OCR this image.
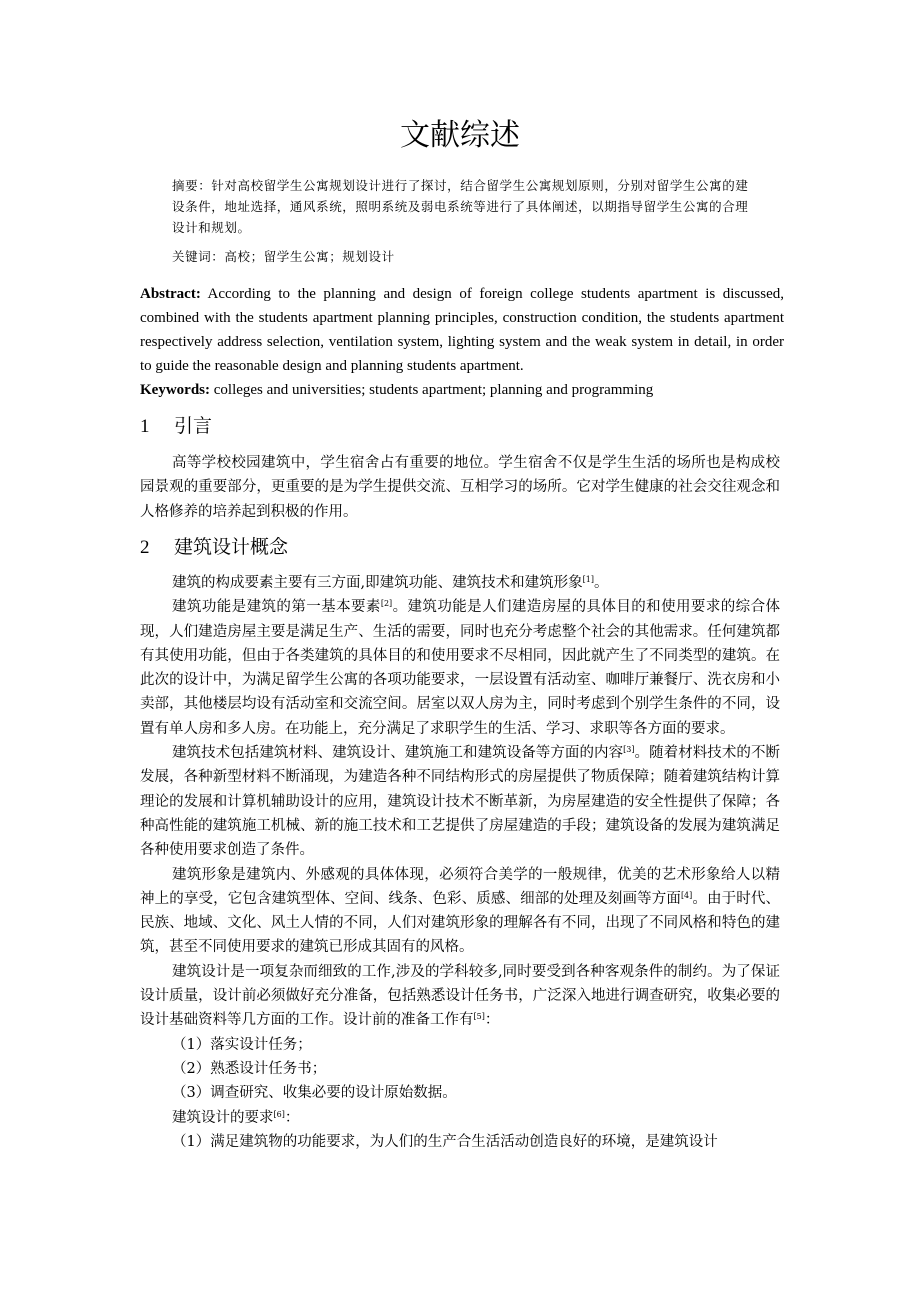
文献综述
摘要：针对高校留学生公寓规划设计进行了探讨，结合留学生公寓规划原则，分别对留学生公寓的建设条件，地址选择，通风系统，照明系统及弱电系统等进行了具体阐述，以期指导留学生公寓的合理设计和规划。
关键词：高校；留学生公寓；规划设计
Abstract: According to the planning and design of foreign college students apartment is discussed, combined with the students apartment planning principles, construction condition, the students apartment respectively address selection, ventilation system, lighting system and the weak system in detail, in order to guide the reasonable design and planning students apartment.
Keywords: colleges and universities; students apartment; planning and programming
1 引言

高等学校校园建筑中，学生宿舍占有重要的地位。学生宿舍不仅是学生生活的场所也是构成校园景观的重要部分，更重要的是为学生提供交流、互相学习的场所。它对学生健康的社会交往观念和人格修养的培养起到积极的作用。

2 建筑设计概念

建筑的构成要素主要有三方面,即建筑功能、建筑技术和建筑形象[1]。

建筑功能是建筑的第一基本要素[2]。建筑功能是人们建造房屋的具体目的和使用要求的综合体现，人们建造房屋主要是满足生产、生活的需要，同时也充分考虑整个社会的其他需求。任何建筑都有其使用功能，但由于各类建筑的具体目的和使用要求不尽相同，因此就产生了不同类型的建筑。在此次的设计中，为满足留学生公寓的各项功能要求，一层设置有活动室、咖啡厅兼餐厅、洗衣房和小卖部，其他楼层均设有活动室和交流空间。居室以双人房为主，同时考虑到个别学生条件的不同，设置有单人房和多人房。在功能上，充分满足了求职学生的生活、学习、求职等各方面的要求。

建筑技术包括建筑材料、建筑设计、建筑施工和建筑设备等方面的内容[3]。随着材料技术的不断发展，各种新型材料不断涌现，为建造各种不同结构形式的房屋提供了物质保障；随着建筑结构计算理论的发展和计算机辅助设计的应用，建筑设计技术不断革新，为房屋建造的安全性提供了保障；各种高性能的建筑施工机械、新的施工技术和工艺提供了房屋建造的手段；建筑设备的发展为建筑满足各种使用要求创造了条件。

建筑形象是建筑内、外感观的具体体现，必须符合美学的一般规律，优美的艺术形象给人以精神上的享受，它包含建筑型体、空间、线条、色彩、质感、细部的处理及刻画等方面[4]。由于时代、民族、地域、文化、风土人情的不同，人们对建筑形象的理解各有不同，出现了不同风格和特色的建筑，甚至不同使用要求的建筑已形成其固有的风格。

建筑设计是一项复杂而细致的工作,涉及的学科较多,同时要受到各种客观条件的制约。为了保证设计质量，设计前必须做好充分准备，包括熟悉设计任务书，广泛深入地进行调查研究，收集必要的设计基础资料等几方面的工作。设计前的准备工作有[5]：

（1）落实设计任务；

（2）熟悉设计任务书；

（3）调查研究、收集必要的设计原始数据。

建筑设计的要求[6]：

（1）满足建筑物的功能要求，为人们的生产合生活活动创造良好的环境，是建筑设计
